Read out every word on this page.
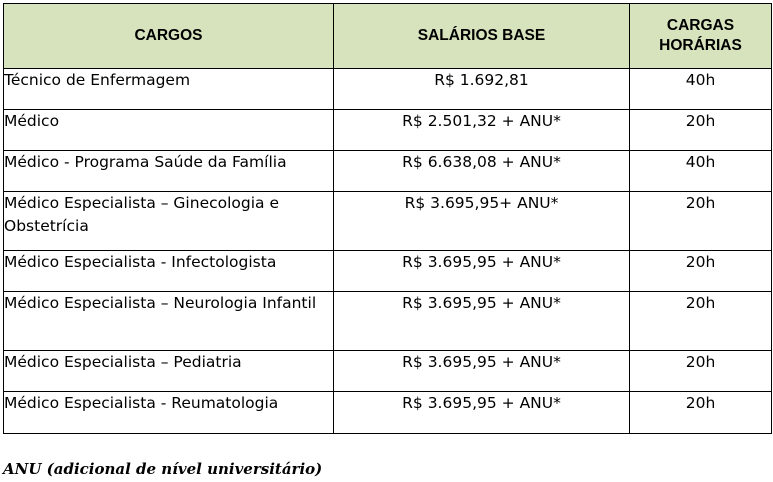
CARGOS	SALÁRIOS BASE	CARGAS HORÁRIAS
Técnico de Enfermagem	R$ 1.692,81	40h
Médico	R$ 2.501,32 + ANU*	20h
Médico - Programa Saúde da Família	R$ 6.638,08 + ANU*	40h
Médico Especialista – Ginecologia e Obstetrícia	R$ 3.695,95+ ANU*	20h
Médico Especialista - Infectologista	R$ 3.695,95 + ANU*	20h
Médico Especialista – Neurologia Infantil	R$ 3.695,95 + ANU*	20h
Médico Especialista – Pediatria	R$ 3.695,95 + ANU*	20h
Médico Especialista - Reumatologia	R$ 3.695,95 + ANU*	20h
ANU (adicional de nível universitário)
